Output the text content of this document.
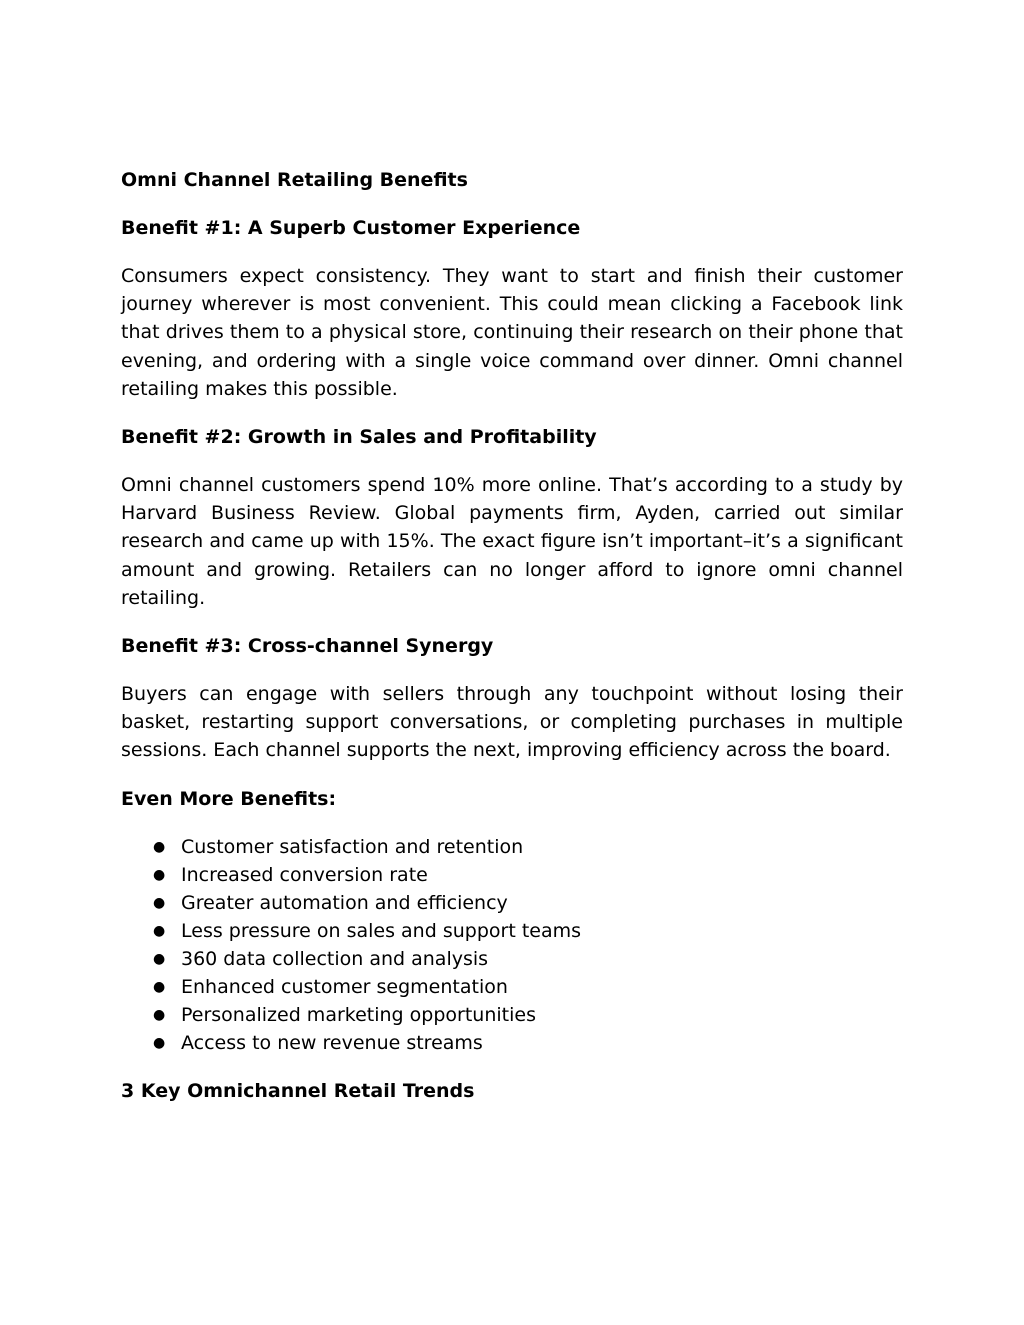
Omni Channel Retailing Benefits

Benefit #1: A Superb Customer Experience

Consumers expect consistency. They want to start and finish their customer journey wherever is most convenient. This could mean clicking a Facebook link that drives them to a physical store, continuing their research on their phone that evening, and ordering with a single voice command over dinner. Omni channel retailing makes this possible.

Benefit #2: Growth in Sales and Profitability

Omni channel customers spend 10% more online. That’s according to a study by Harvard Business Review. Global payments firm, Ayden, carried out similar research and came up with 15%. The exact figure isn’t important–it’s a significant amount and growing. Retailers can no longer afford to ignore omni channel retailing.

Benefit #3: Cross-channel Synergy

Buyers can engage with sellers through any touchpoint without losing their basket, restarting support conversations, or completing purchases in multiple sessions. Each channel supports the next, improving efficiency across the board.

Even More Benefits:

● Customer satisfaction and retention
● Increased conversion rate
● Greater automation and efficiency
● Less pressure on sales and support teams
● 360 data collection and analysis
● Enhanced customer segmentation
● Personalized marketing opportunities
● Access to new revenue streams

3 Key Omnichannel Retail Trends
